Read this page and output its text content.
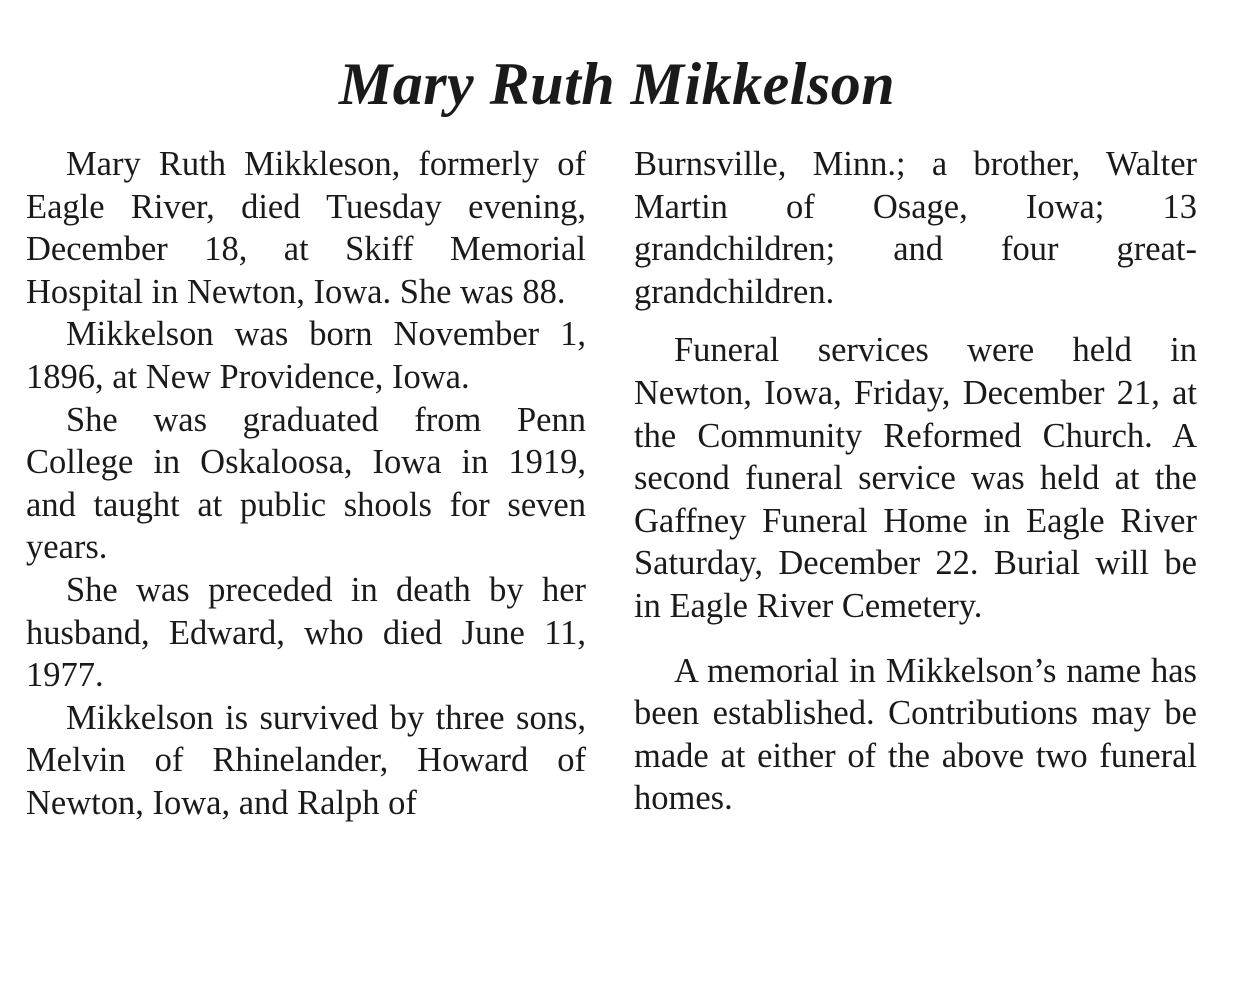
Mary Ruth Mikkelson

Mary Ruth Mikkleson, formerly of Eagle River, died Tuesday evening, December 18, at Skiff Memorial Hospital in Newton, Iowa. She was 88.

Mikkelson was born November 1, 1896, at New Providence, Iowa.

She was graduated from Penn College in Oskaloosa, Iowa in 1919, and taught at public shools for seven years.

She was preceded in death by her husband, Edward, who died June 11, 1977.

Mikkelson is survived by three sons, Melvin of Rhinelander, Howard of Newton, Iowa, and Ralph of

Burnsville, Minn.; a brother, Walter Martin of Osage, Iowa; 13 grandchildren; and four great-grandchildren.

Funeral services were held in Newton, Iowa, Friday, December 21, at the Community Reformed Church. A second funeral service was held at the Gaffney Funeral Home in Eagle River Saturday, December 22. Burial will be in Eagle River Cemetery.

A memorial in Mikkelson’s name has been established. Contributions may be made at either of the above two funeral homes.
